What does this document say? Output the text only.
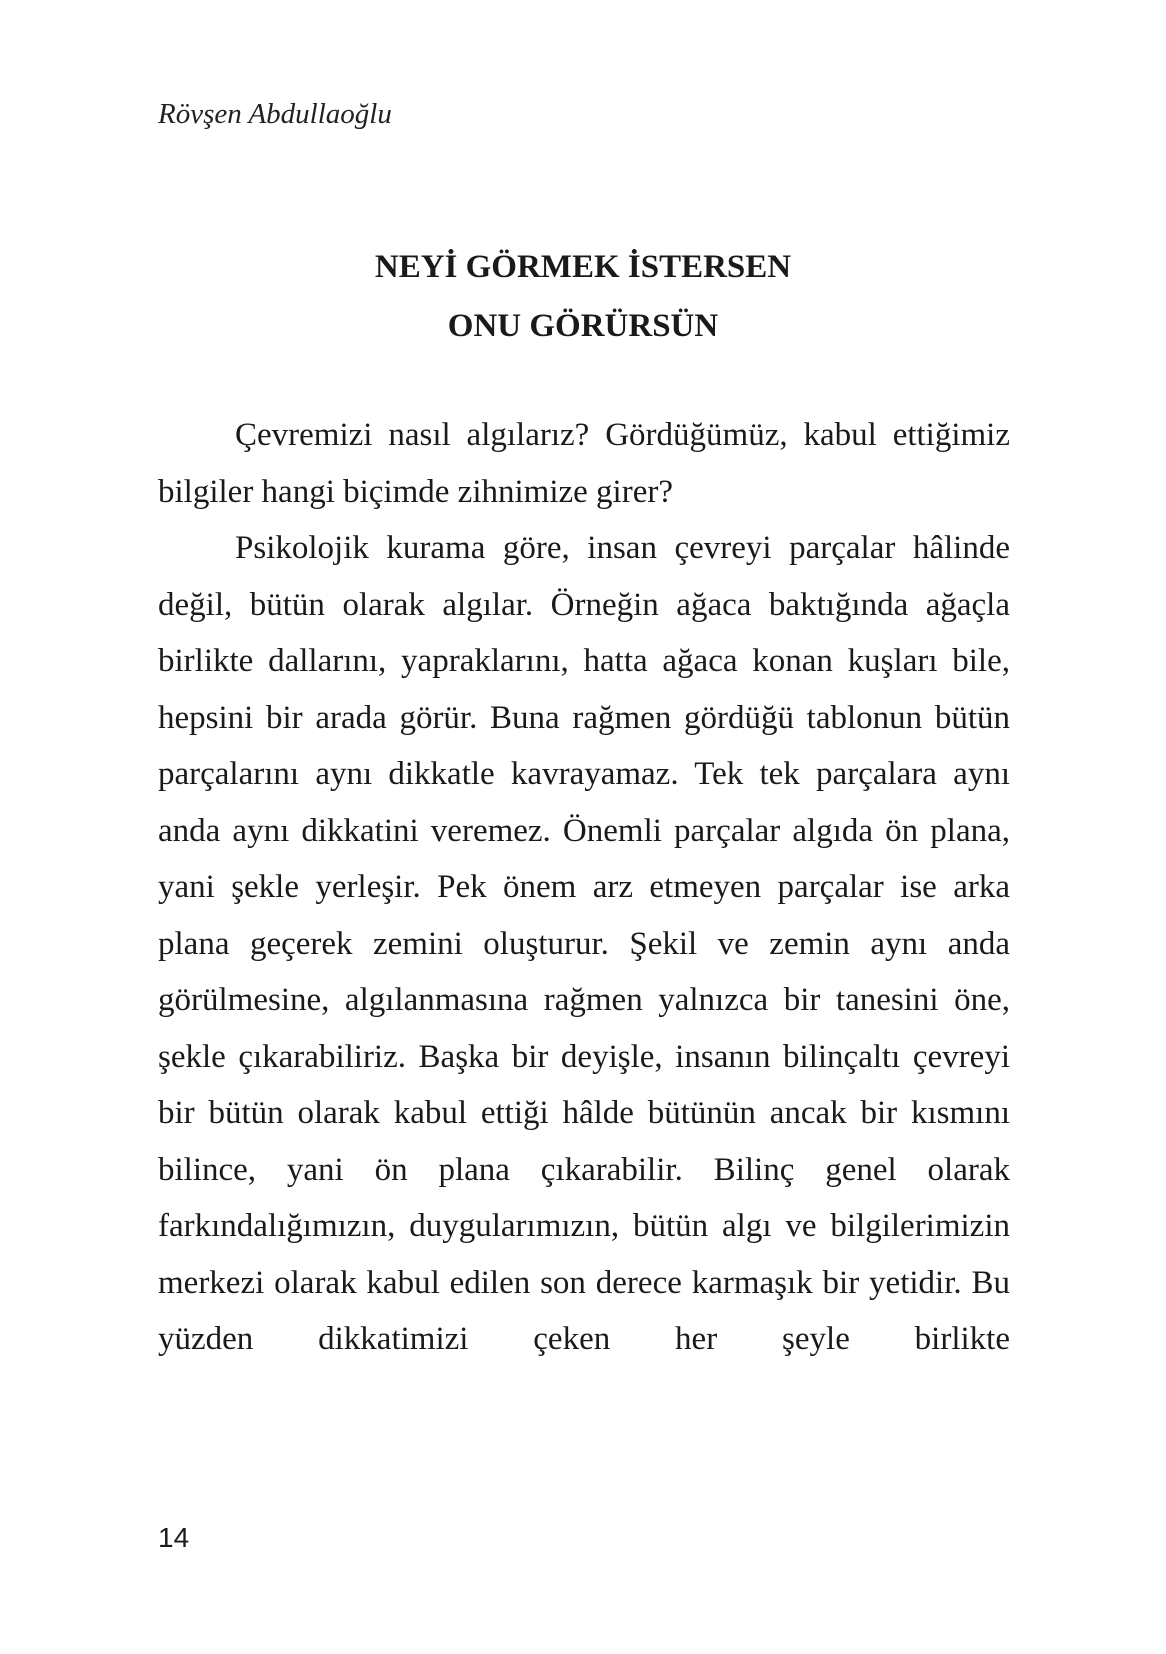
Rövşen Abdullaoğlu
NEYİ GÖRMEK İSTERSEN
ONU GÖRÜRSÜN

Çevremizi nasıl algılarız? Gördüğümüz, kabul ettiğimiz bilgiler hangi biçimde zihnimize girer?

Psikolojik kurama göre, insan çevreyi parçalar hâlinde değil, bütün olarak algılar. Örneğin ağaca baktığında ağaçla birlikte dallarını, yapraklarını, hatta ağaca konan kuşları bile, hepsini bir arada görür. Buna rağmen gördüğü tablonun bütün parçalarını aynı dikkatle kavrayamaz. Tek tek parçalara aynı anda aynı dikkatini veremez. Önemli parçalar algıda ön plana, yani şekle yerleşir. Pek önem arz etmeyen parçalar ise arka plana geçerek zemini oluşturur. Şekil ve zemin aynı anda görülmesine, algılanmasına rağmen yalnızca bir tanesini öne, şekle çıkarabiliriz. Başka bir deyişle, insanın bilinçaltı çevreyi bir bütün olarak kabul ettiği hâlde bütünün ancak bir kısmını bilince, yani ön plana çıkarabilir. Bilinç genel olarak farkındalığımızın, duygularımızın, bütün algı ve bilgilerimizin merkezi olarak kabul edilen son derece karmaşık bir yetidir. Bu yüzden dikkatimizi çeken her şeyle birlikte

14
